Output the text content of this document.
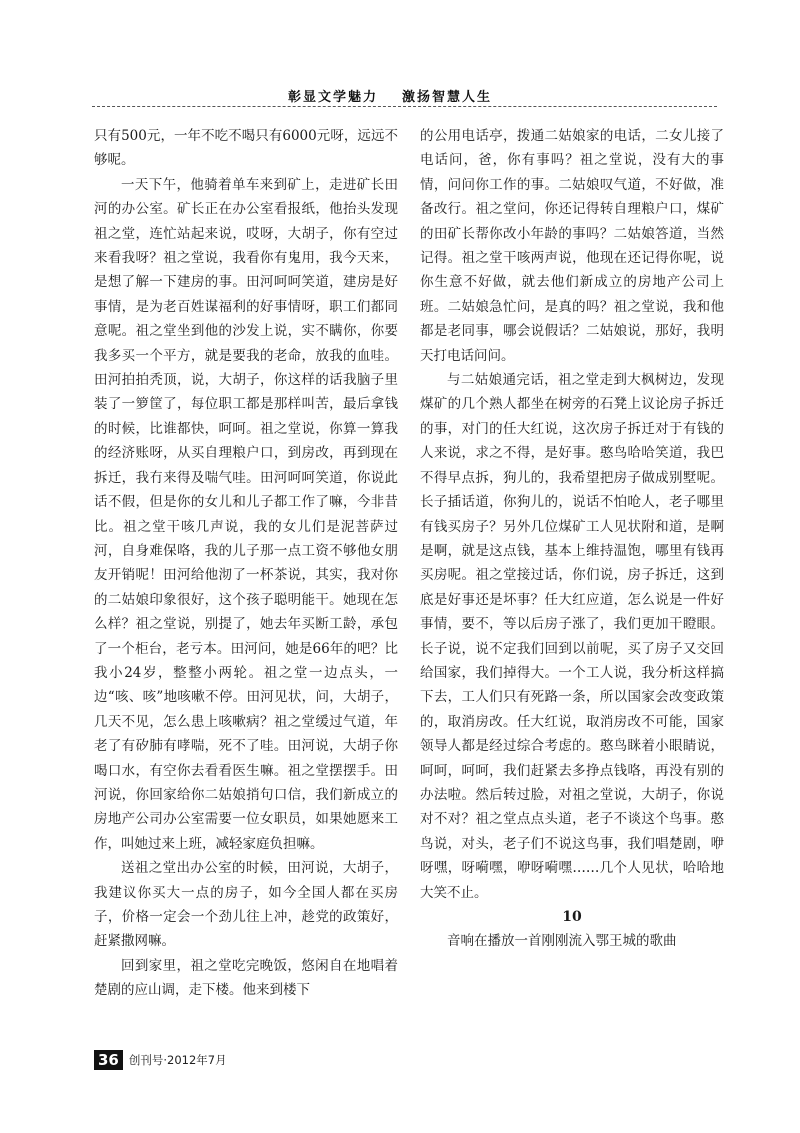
彰显文学魅力 激扬智慧人生

只有500元，一年不吃不喝只有6000元呀，远远不够呢。

一天下午，他骑着单车来到矿上，走进矿长田河的办公室。矿长正在办公室看报纸，他抬头发现祖之堂，连忙站起来说，哎呀，大胡子，你有空过来看我呀？祖之堂说，我看你有鬼用，我今天来，是想了解一下建房的事。田河呵呵笑道，建房是好事情，是为老百姓谋福利的好事情呀，职工们都同意呢。祖之堂坐到他的沙发上说，实不瞒你，你要我多买一个平方，就是要我的老命，放我的血哇。田河拍拍秃顶，说，大胡子，你这样的话我脑子里装了一箩筐了，每位职工都是那样叫苦，最后拿钱的时候，比谁都快，呵呵。祖之堂说，你算一算我的经济账呀，从买自理粮户口，到房改，再到现在拆迁，我冇来得及喘气哇。田河呵呵笑道，你说此话不假，但是你的女儿和儿子都工作了嘛，今非昔比。祖之堂干咳几声说，我的女儿们是泥菩萨过河，自身难保咯，我的儿子那一点工资不够他女朋友开销呢！田河给他沏了一杯茶说，其实，我对你的二姑娘印象很好，这个孩子聪明能干。她现在怎么样？祖之堂说，别提了，她去年买断工龄，承包了一个柜台，老亏本。田河问，她是66年的吧？比我小24岁，整整小两轮。祖之堂一边点头，一边“咳、咳”地咳嗽不停。田河见状，问，大胡子，几天不见，怎么患上咳嗽病？祖之堂缓过气道，年老了有矽肺有哮喘，死不了哇。田河说，大胡子你喝口水，有空你去看看医生嘛。祖之堂摆摆手。田河说，你回家给你二姑娘捎句口信，我们新成立的房地产公司办公室需要一位女职员，如果她愿来工作，叫她过来上班，减轻家庭负担嘛。

送祖之堂出办公室的时候，田河说，大胡子，我建议你买大一点的房子，如今全国人都在买房子，价格一定会一个劲儿往上冲，趁党的政策好，赶紧撒网嘛。

回到家里，祖之堂吃完晚饭，悠闲自在地唱着楚剧的应山调，走下楼。他来到楼下

的公用电话亭，拨通二姑娘家的电话，二女儿接了电话问，爸，你有事吗？祖之堂说，没有大的事情，问问你工作的事。二姑娘叹气道，不好做，准备改行。祖之堂问，你还记得转自理粮户口，煤矿的田矿长帮你改小年龄的事吗？二姑娘答道，当然记得。祖之堂干咳两声说，他现在还记得你呢，说你生意不好做，就去他们新成立的房地产公司上班。二姑娘急忙问，是真的吗？祖之堂说，我和他都是老同事，哪会说假话？二姑娘说，那好，我明天打电话问问。

与二姑娘通完话，祖之堂走到大枫树边，发现煤矿的几个熟人都坐在树旁的石凳上议论房子拆迁的事，对门的任大红说，这次房子拆迁对于有钱的人来说，求之不得，是好事。憨鸟哈哈笑道，我巴不得早点拆，狗儿的，我希望把房子做成别墅呢。长子插话道，你狗儿的，说话不怕呛人，老子哪里有钱买房子？另外几位煤矿工人见状附和道，是啊是啊，就是这点钱，基本上维持温饱，哪里有钱再买房呢。祖之堂接过话，你们说，房子拆迁，这到底是好事还是坏事？任大红应道，怎么说是一件好事情，要不，等以后房子涨了，我们更加干瞪眼。长子说，说不定我们回到以前呢，买了房子又交回给国家，我们掉得大。一个工人说，我分析这样搞下去，工人们只有死路一条，所以国家会改变政策的，取消房改。任大红说，取消房改不可能，国家领导人都是经过综合考虑的。憨鸟眯着小眼睛说，呵呵，呵呵，我们赶紧去多挣点钱咯，再没有别的办法啦。然后转过脸，对祖之堂说，大胡子，你说对不对？祖之堂点点头道，老子不谈这个鸟事。憨鸟说，对头，老子们不说这鸟事，我们唱楚剧，咿呀嘿，呀嗬嘿，咿呀嗬嘿……几个人见状，哈哈地大笑不止。

10

音响在播放一首刚刚流入鄂王城的歌曲

36 创刊号·2012年7月
